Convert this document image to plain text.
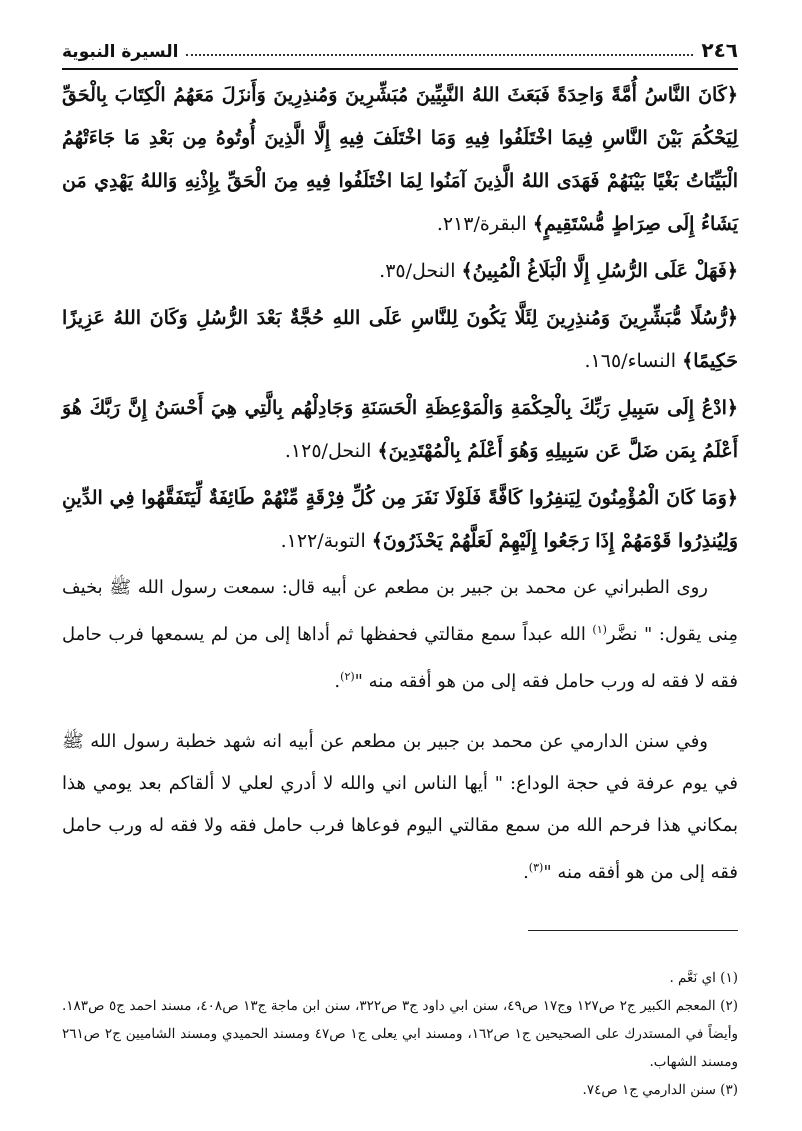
٢٤٦
السيرة النبوية
﴿كَانَ النَّاسُ أُمَّةً وَاحِدَةً فَبَعَثَ اللهُ النَّبِيِّينَ مُبَشِّرِينَ وَمُنذِرِينَ وَأَنزَلَ مَعَهُمُ الْكِتَابَ بِالْحَقِّ لِيَحْكُمَ بَيْنَ النَّاسِ فِيمَا اخْتَلَفُوا فِيهِ وَمَا اخْتَلَفَ فِيهِ إِلَّا الَّذِينَ أُوتُوهُ مِن بَعْدِ مَا جَاءَتْهُمُ الْبَيِّنَاتُ بَغْيًا بَيْنَهُمْ فَهَدَى اللهُ الَّذِينَ آمَنُوا لِمَا اخْتَلَفُوا فِيهِ مِنَ الْحَقِّ بِإِذْنِهِ وَاللهُ يَهْدِي مَن يَشَاءُ إِلَى صِرَاطٍ مُّسْتَقِيمٍ﴾ البقرة/٢١٣.
﴿فَهَلْ عَلَى الرُّسُلِ إِلَّا الْبَلَاغُ الْمُبِينُ﴾ النحل/٣٥.
﴿رُّسُلًا مُّبَشِّرِينَ وَمُنذِرِينَ لِئَلَّا يَكُونَ لِلنَّاسِ عَلَى اللهِ حُجَّةٌ بَعْدَ الرُّسُلِ وَكَانَ اللهُ عَزِيزًا حَكِيمًا﴾ النساء/١٦٥.
﴿ادْعُ إِلَى سَبِيلِ رَبِّكَ بِالْحِكْمَةِ وَالْمَوْعِظَةِ الْحَسَنَةِ وَجَادِلْهُم بِالَّتِي هِيَ أَحْسَنُ إِنَّ رَبَّكَ هُوَ أَعْلَمُ بِمَن ضَلَّ عَن سَبِيلِهِ وَهُوَ أَعْلَمُ بِالْمُهْتَدِينَ﴾ النحل/١٢٥.
﴿وَمَا كَانَ الْمُؤْمِنُونَ لِيَنفِرُوا كَافَّةً فَلَوْلَا نَفَرَ مِن كُلِّ فِرْقَةٍ مِّنْهُمْ طَائِفَةٌ لِّيَتَفَقَّهُوا فِي الدِّينِ وَلِيُنذِرُوا قَوْمَهُمْ إِذَا رَجَعُوا إِلَيْهِمْ لَعَلَّهُمْ يَحْذَرُونَ﴾ التوبة/١٢٢.

روى الطبراني عن محمد بن جبير بن مطعم عن أبيه قال: سمعت رسول الله ﷺ بخيف مِنى يقول: " نضَّر$^{(١)}$ الله عبداً سمع مقالتي فحفظها ثم أداها إلى من لم يسمعها فرب حامل فقه لا فقه له ورب حامل فقه إلى من هو أفقه منه "$^{(٢)}$.

وفي سنن الدارمي عن محمد بن جبير بن مطعم عن أبيه انه شهد خطبة رسول الله ﷺ في يوم عرفة في حجة الوداع: " أيها الناس اني والله لا أدري لعلي لا ألقاكم بعد يومي هذا بمكاني هذا فرحم الله من سمع مقالتي اليوم فوعاها فرب حامل فقه ولا فقه له ورب حامل فقه إلى من هو أفقه منه "$^{(٣)}$.

(١) اي نَعَّم .

(٢) المعجم الكبير ج٢ ص١٢٧ وج١٧ ص٤٩، سنن ابي داود ج٣ ص٣٢٢، سنن ابن ماجة ج١٣ ص٤٠٨، مسند احمد ج٥ ص١٨٣. وأيضاً في المستدرك على الصحيحين ج١ ص١٦٢، ومسند ابي يعلى ج١ ص٤٧ ومسند الحميدي ومسند الشاميين ج٢ ص٢٦١ ومسند الشهاب.

(٣) سنن الدارمي ج١ ص٧٤.
